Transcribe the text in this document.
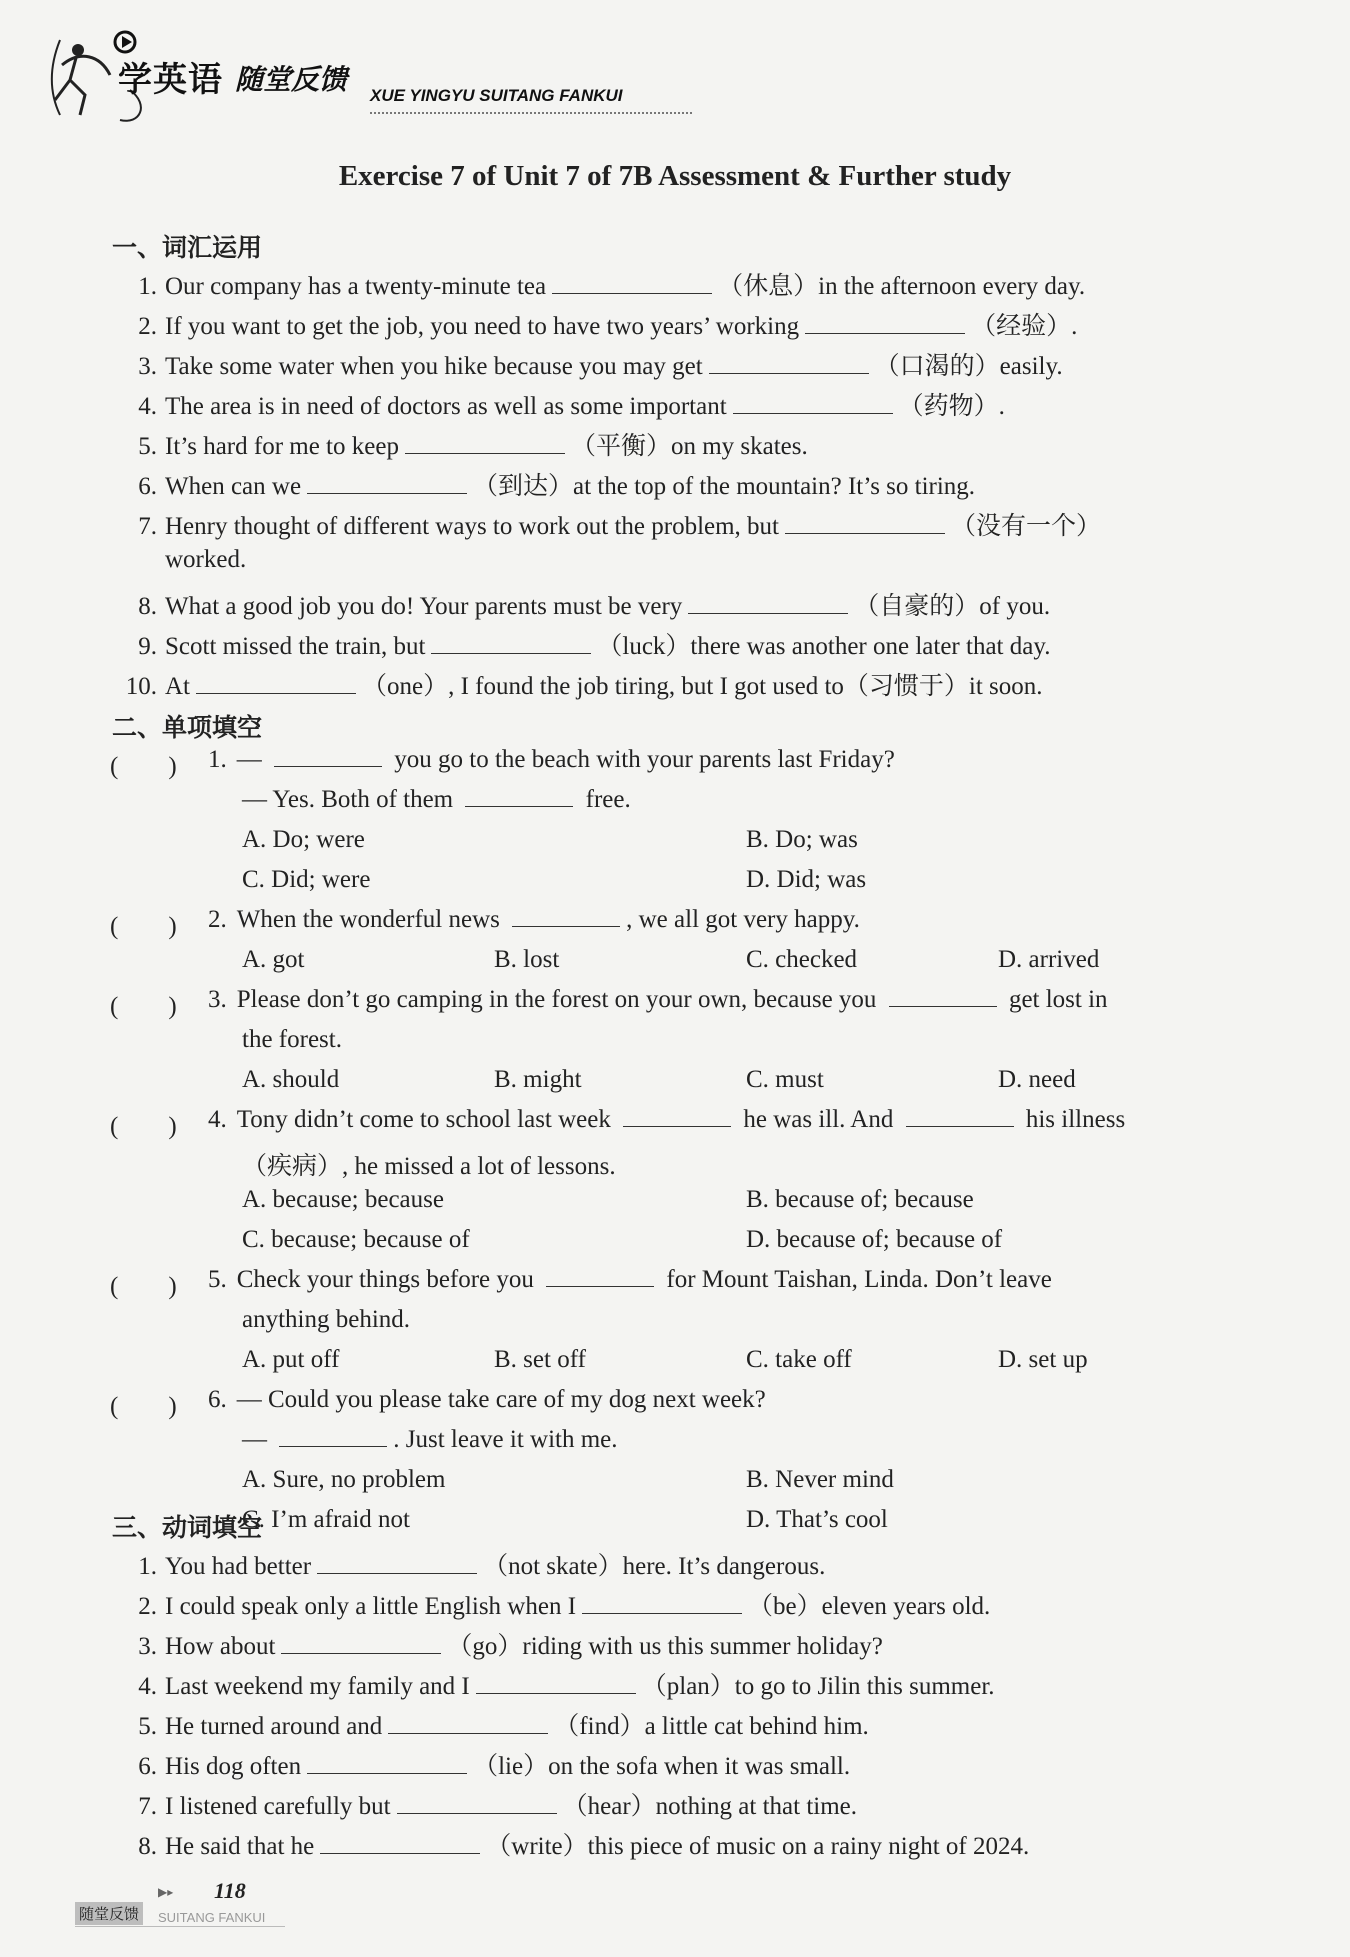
学英语 随堂反馈 XUE YINGYU SUITANG FANKUI
Exercise 7 of Unit 7 of 7B Assessment & Further study
一、词汇运用
1. Our company has a twenty-minute tea	（休息）in the afternoon every day.
2. If you want to get the job, you need to have two years’ working	（经验）.
3. Take some water when you hike because you may get	（口渴的）easily.
4. The area is in need of doctors as well as some important	（药物）.
5. It’s hard for me to keep	（平衡）on my skates.
6. When can we	（到达）at the top of the mountain? It’s so tiring.
7. Henry thought of different ways to work out the problem, but	（没有一个）
worked.
8. What a good job you do! Your parents must be very	（自豪的）of you.
9. Scott missed the train, but	（luck）there was another one later that day.
10. At	（one）, I found the job tiring, but I got used to（习惯于）it soon.
二、单项填空
(　　) 1. —	you go to the beach with your parents last Friday?
— Yes. Both of them	free.
A. Do; were	B. Do; was
C. Did; were	D. Did; was
(　　) 2. When the wonderful news	, we all got very happy.
A. got	B. lost	C. checked	D. arrived
(　　) 3. Please don’t go camping in the forest on your own, because you	get lost in
the forest.
A. should	B. might	C. must	D. need
(　　) 4. Tony didn’t come to school last week	he was ill. And	his illness
（疾病）, he missed a lot of lessons.
A. because; because	B. because of; because
C. because; because of	D. because of; because of
(　　) 5. Check your things before you	for Mount Taishan, Linda. Don’t leave
anything behind.
A. put off	B. set off	C. take off	D. set up
(　　) 6. — Could you please take care of my dog next week?
—	. Just leave it with me.
A. Sure, no problem	B. Never mind
C. I’m afraid not	D. That’s cool
三、动词填空
1. You had better	（not skate）here. It’s dangerous.
2. I could speak only a little English when I	（be）eleven years old.
3. How about	（go）riding with us this summer holiday?
4. Last weekend my family and I	（plan）to go to Jilin this summer.
5. He turned around and	（find）a little cat behind him.
6. His dog often	（lie）on the sofa when it was small.
7. I listened carefully but	（hear）nothing at that time.
8. He said that he	（write）this piece of music on a rainy night of 2024.
▶▸ 118
随堂反馈	SUITANG FANKUI
